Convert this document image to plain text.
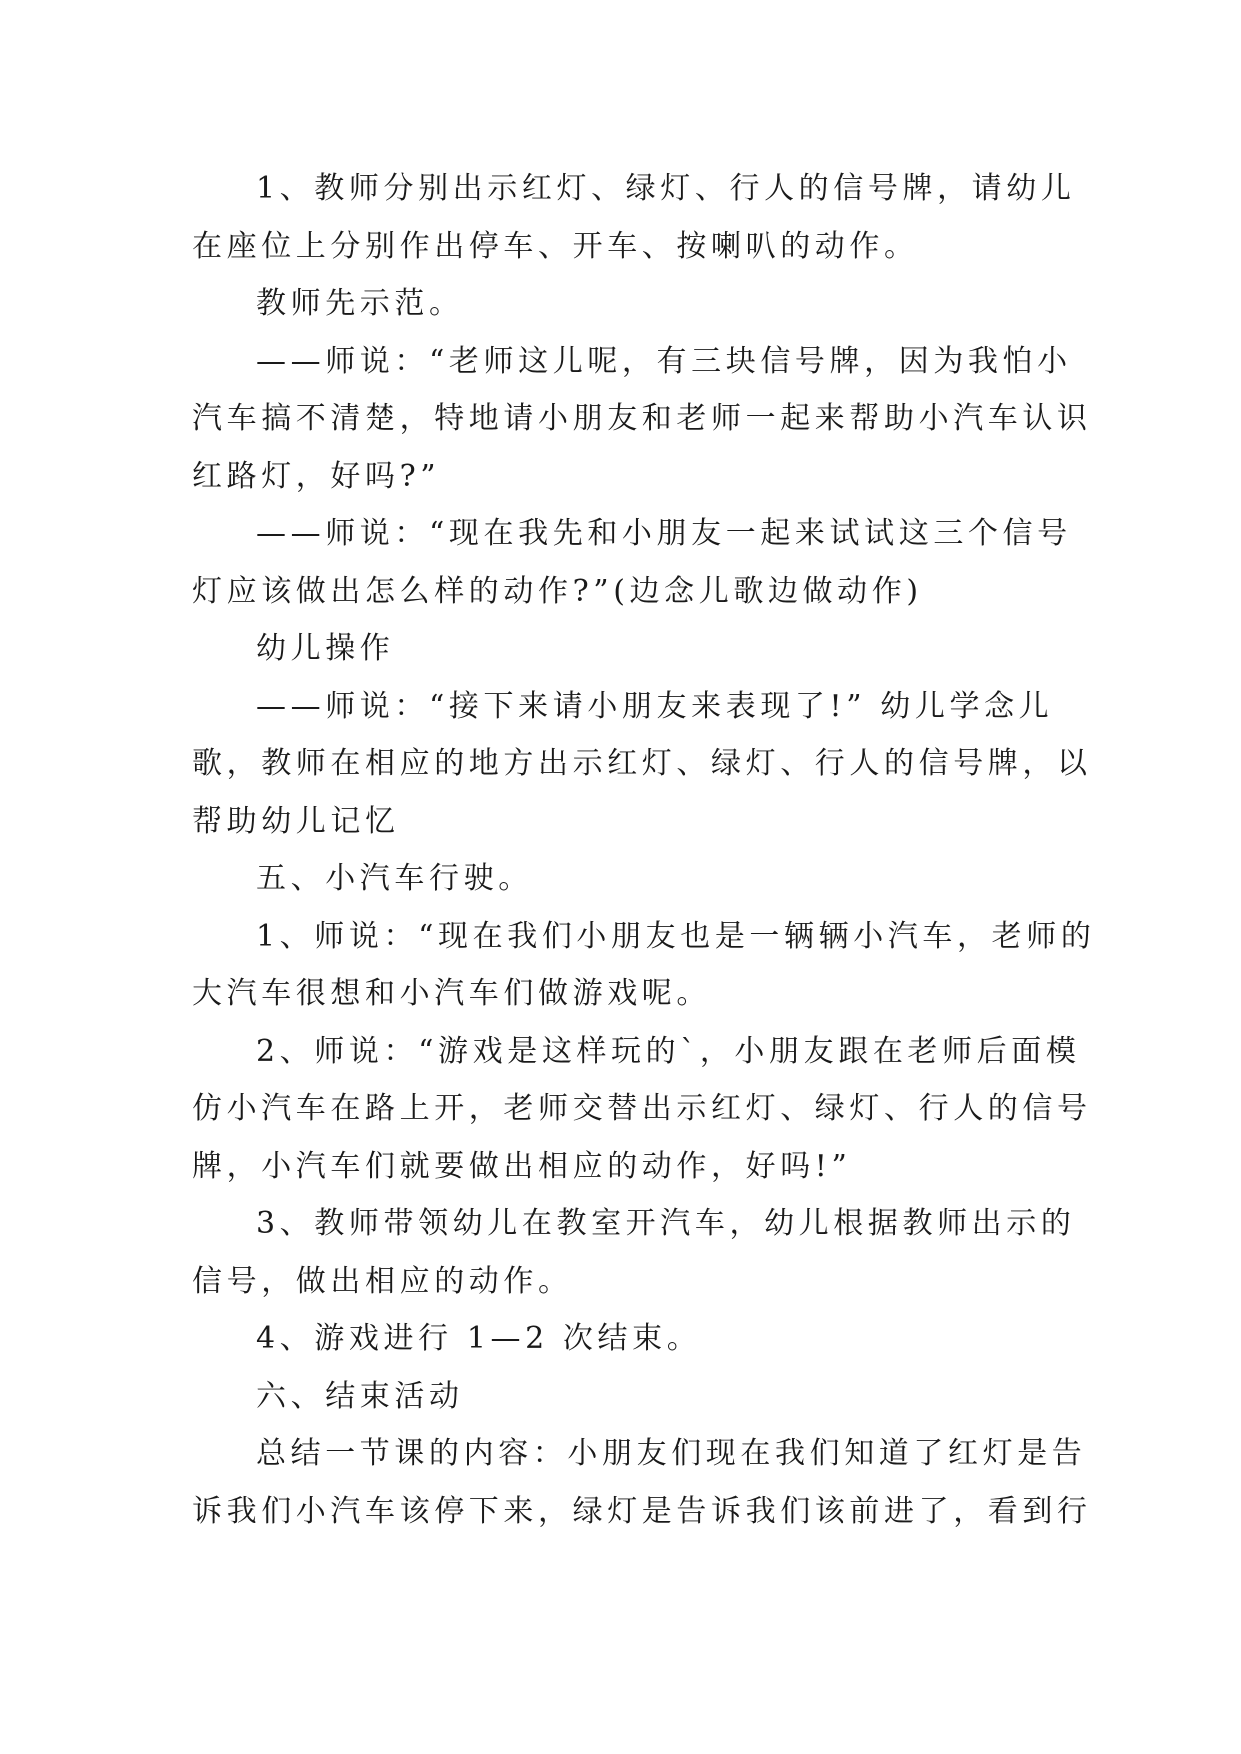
1、教师分别出示红灯、绿灯、行人的信号牌，请幼儿
在座位上分别作出停车、开车、按喇叭的动作。
教师先示范。
——师说：“老师这儿呢，有三块信号牌，因为我怕小
汽车搞不清楚，特地请小朋友和老师一起来帮助小汽车认识
红路灯，好吗?”
——师说：“现在我先和小朋友一起来试试这三个信号
灯应该做出怎么样的动作?”(边念儿歌边做动作)
幼儿操作
——师说：“接下来请小朋友来表现了!” 幼儿学念儿
歌，教师在相应的地方出示红灯、绿灯、行人的信号牌，以
帮助幼儿记忆
五、小汽车行驶。
1、师说：“现在我们小朋友也是一辆辆小汽车，老师的
大汽车很想和小汽车们做游戏呢。
2、师说：“游戏是这样玩的`，小朋友跟在老师后面模
仿小汽车在路上开，老师交替出示红灯、绿灯、行人的信号
牌，小汽车们就要做出相应的动作，好吗!”
3、教师带领幼儿在教室开汽车，幼儿根据教师出示的
信号，做出相应的动作。
4、游戏进行 1—2 次结束。
六、结束活动
总结一节课的内容：小朋友们现在我们知道了红灯是告
诉我们小汽车该停下来，绿灯是告诉我们该前进了，看到行
